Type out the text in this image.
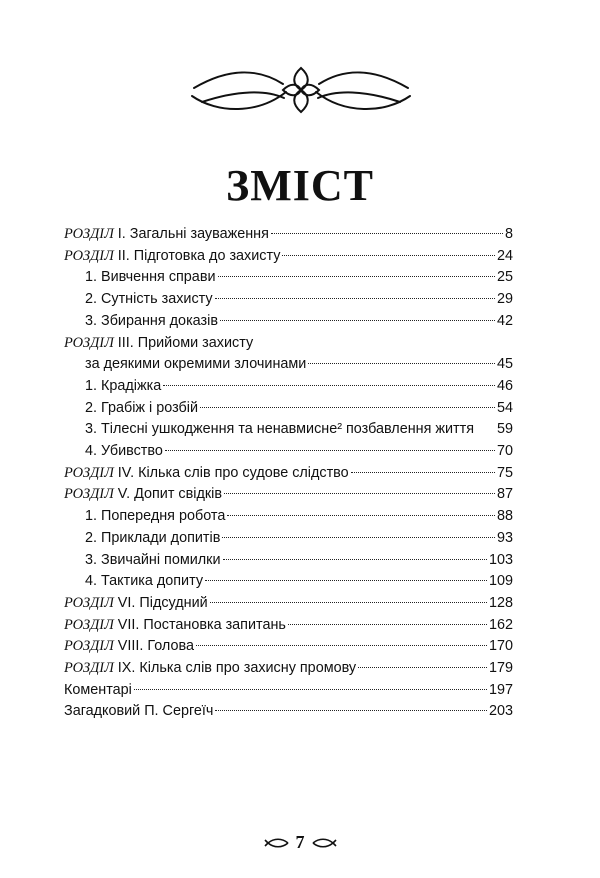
ЗМІСТ
РОЗДІЛ І. Загальні зауваження	8
РОЗДІЛ ІІ. Підготовка до захисту	24
1. Вивчення справи	25
2. Сутність захисту	29
3. Збирання доказів	42
РОЗДІЛ ІІІ. Прийоми захисту
за деякими окремими злочинами	45
1. Крадіжка	46
2. Грабіж і розбій	54
3. Тілесні ушкодження та ненавмисне² позбавлення життя 59
4. Убивство	70
РОЗДІЛ IV. Кілька слів про судове слідство	75
РОЗДІЛ V. Допит свідків	87
1. Попередня робота	88
2. Приклади допитів	93
3. Звичайні помилки	103
4. Тактика допиту	109
РОЗДІЛ VI. Підсудний	128
РОЗДІЛ VII. Постановка запитань	162
РОЗДІЛ VIII. Голова	170
РОЗДІЛ IX. Кілька слів про захисну промову	179
Коментарі	197
Загадковий П. Сергеїч	203
7
